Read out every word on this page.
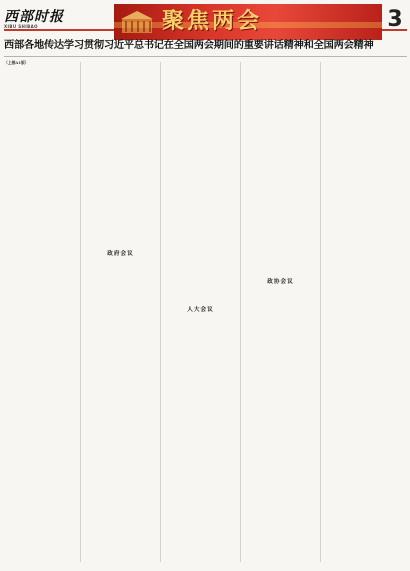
西部时报
XIBU SHIBAO	聚焦两会	3
西部各地传达学习贯彻习近平总书记在全国两会期间的重要讲话精神和全国两会精神

（上接A1版）

政府会议
人大会议
政协会议
